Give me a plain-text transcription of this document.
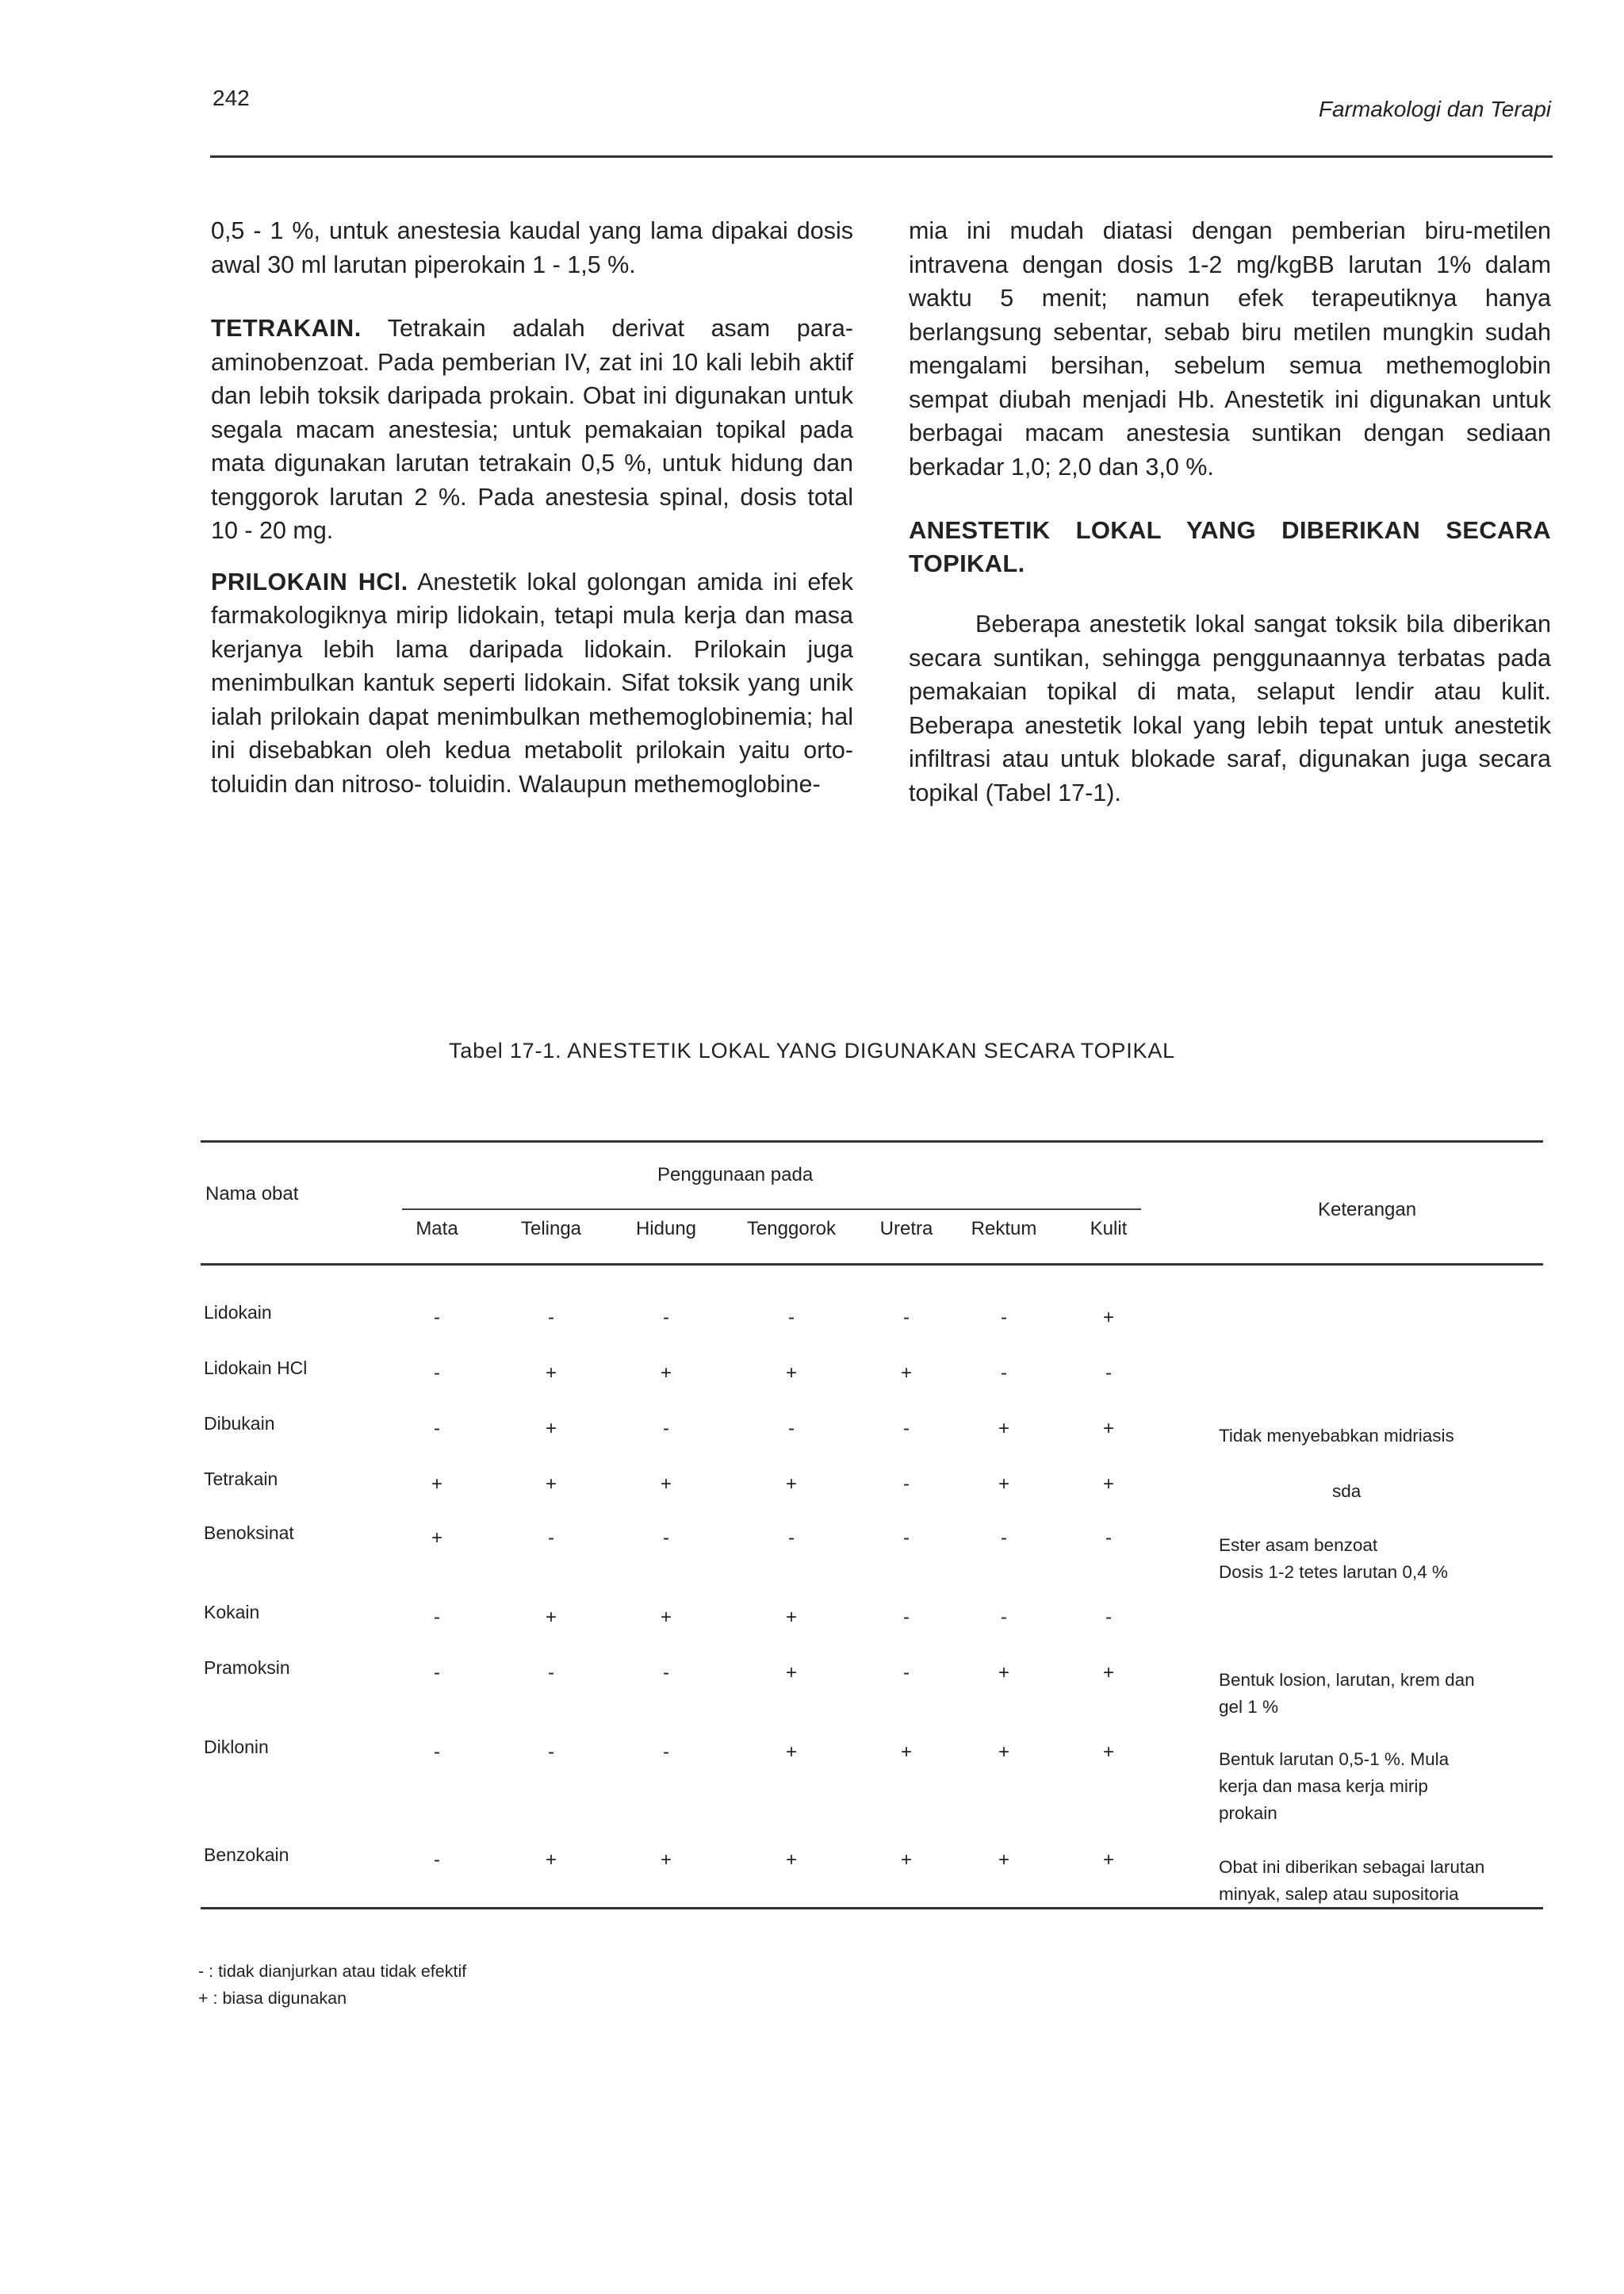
242	Farmakologi dan Terapi

0,5 - 1 %, untuk anestesia kaudal yang lama dipakai dosis awal 30 ml larutan piperokain 1 - 1,5 %.

TETRAKAIN. Tetrakain adalah derivat asam para-aminobenzoat. Pada pemberian IV, zat ini 10 kali lebih aktif dan lebih toksik daripada prokain. Obat ini digunakan untuk segala macam anestesia; untuk pemakaian topikal pada mata digunakan larutan tetrakain 0,5 %, untuk hidung dan tenggorok larutan 2 %. Pada anestesia spinal, dosis total 10 - 20 mg.

PRILOKAIN HCl. Anestetik lokal golongan amida ini efek farmakologiknya mirip lidokain, tetapi mula kerja dan masa kerjanya lebih lama daripada lidokain. Prilokain juga menimbulkan kantuk seperti lidokain. Sifat toksik yang unik ialah prilokain dapat menimbulkan methemoglobinemia; hal ini disebabkan oleh kedua metabolit prilokain yaitu orto-toluidin dan nitroso- toluidin. Walaupun methemoglobine-

mia ini mudah diatasi dengan pemberian biru-metilen intravena dengan dosis 1-2 mg/kgBB larutan 1% dalam waktu 5 menit; namun efek terapeutiknya hanya berlangsung sebentar, sebab biru metilen mungkin sudah mengalami bersihan, sebelum semua methemoglobin sempat diubah menjadi Hb. Anestetik ini digunakan untuk berbagai macam anestesia suntikan dengan sediaan berkadar 1,0; 2,0 dan 3,0 %.

ANESTETIK LOKAL YANG DIBERIKAN SECARA TOPIKAL.

Beberapa anestetik lokal sangat toksik bila diberikan secara suntikan, sehingga penggunaannya terbatas pada pemakaian topikal di mata, selaput lendir atau kulit. Beberapa anestetik lokal yang lebih tepat untuk anestetik infiltrasi atau untuk blokade saraf, digunakan juga secara topikal (Tabel 17-1).

Tabel 17-1. ANESTETIK LOKAL YANG DIGUNAKAN SECARA TOPIKAL
Nama obat
Penggunaan pada
Keterangan
Mata	Telinga	Hidung	Tenggorok	Uretra	Rektum	Kulit
Lidokain	-	-	-	-	-	-	+
Lidokain HCl	-	+	+	+	+	-	-
Dibukain	-	+	-	-	-	+	+	Tidak menyebabkan midriasis
Tetrakain	+	+	+	+	-	+	+	sda
Benoksinat	+	-	-	-	-	-	-	Ester asam benzoat
Dosis 1-2 tetes larutan 0,4 %
Kokain	-	+	+	+	-	-	-
Pramoksin	-	-	-	+	-	+	+	Bentuk losion, larutan, krem dan
gel 1 %
Diklonin	-	-	-	+	+	+	+	Bentuk larutan 0,5-1 %. Mula
kerja dan masa kerja mirip
prokain
Benzokain	-	+	+	+	+	+	+	Obat ini diberikan sebagai larutan
minyak, salep atau supositoria
- : tidak dianjurkan atau tidak efektif
+ : biasa digunakan
